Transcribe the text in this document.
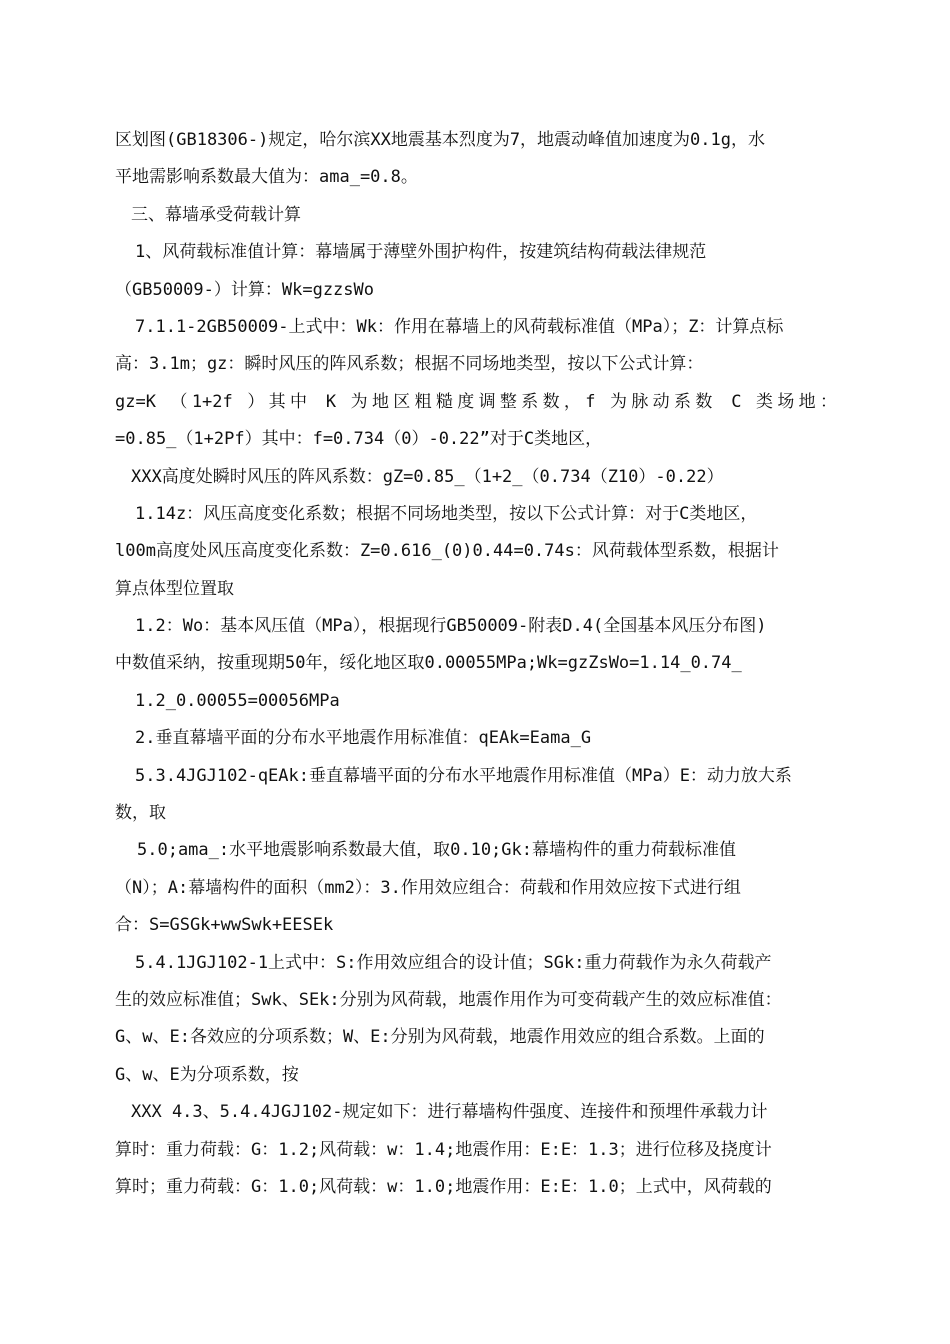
区划图(GB18306-)规定，哈尔滨XX地震基本烈度为7，地震动峰值加速度为0.1g，水
平地需影响系数最大值为：ama_=0.8。
三、幕墙承受荷载计算
1、风荷载标准值计算：幕墙属于薄壁外围护构件，按建筑结构荷载法律规范
（GB50009-）计算：Wk=gzzsWo
7.1.1-2GB50009-上式中：Wk：作用在幕墙上的风荷载标准值（MPa）；Z：计算点标
高：3.1m；gz：瞬时风压的阵风系数；根据不同场地类型，按以下公式计算：
gz=K （1+2f ）其中 K 为地区粗糙度调整系数，f 为脉动系数 C 类场地：
=0.85_（1+2Pf）其中：f=0.734（0）-0.22”对于C类地区，
XXX高度处瞬时风压的阵风系数：gZ=0.85_（1+2_（0.734（Z10）-0.22）
1.14z：风压高度变化系数；根据不同场地类型，按以下公式计算：对于C类地区，
l00m高度处风压高度变化系数：Z=0.616_(0)0.44=0.74s：风荷载体型系数，根据计
算点体型位置取
1.2：Wo：基本风压值（MPa），根据现行GB50009-附表D.4(全国基本风压分布图)
中数值采纳，按重现期50年，绥化地区取0.00055MPa;Wk=gzZsWo=1.14_0.74_
1.2_0.00055=00056MPa
2.垂直幕墙平面的分布水平地震作用标准值：qEAk=Eama_G
5.3.4JGJ102-qEAk:垂直幕墙平面的分布水平地震作用标准值（MPa）E：动力放大系
数，取
5.0;ama_:水平地震影响系数最大值，取0.10;Gk:幕墙构件的重力荷载标准值
（N）；A:幕墙构件的面积（mm2）：3.作用效应组合：荷载和作用效应按下式进行组
合：S=GSGk+wwSwk+EESEk
5.4.1JGJ102-1上式中：S:作用效应组合的设计值；SGk:重力荷载作为永久荷载产
生的效应标准值；Swk、SEk:分别为风荷载，地震作用作为可变荷载产生的效应标准值：
G、w、E:各效应的分项系数；W、E:分别为风荷载，地震作用效应的组合系数。上面的
G、w、E为分项系数，按
XXX 4.3、5.4.4JGJ102-规定如下：进行幕墙构件强度、连接件和预埋件承载力计
算时：重力荷载：G：1.2;风荷载：w：1.4;地震作用：E:E：1.3；进行位移及挠度计
算时；重力荷载：G：1.0;风荷载：w：1.0;地震作用：E:E：1.0；上式中，风荷载的
